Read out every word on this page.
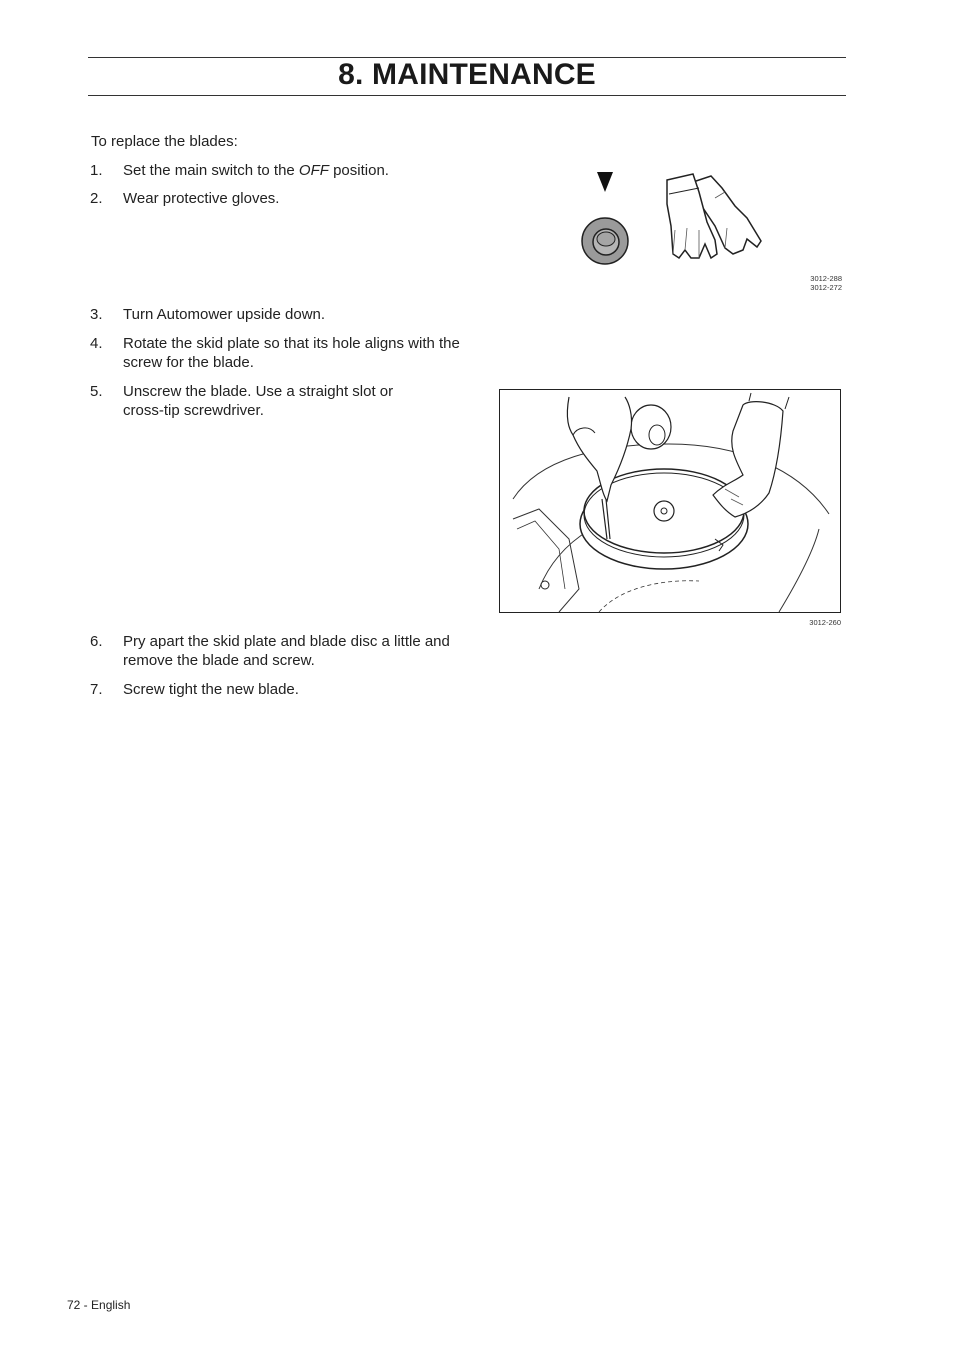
8. MAINTENANCE
To replace the blades:
1. Set the main switch to the OFF position.
2. Wear protective gloves.
3012-288
3012-272
3. Turn Automower upside down.
4. Rotate the skid plate so that its hole aligns with the
screw for the blade.
5. Unscrew the blade. Use a straight slot or
cross-tip screwdriver.
3012-260
6. Pry apart the skid plate and blade disc a little and
remove the blade and screw.
7. Screw tight the new blade.
72 - English
